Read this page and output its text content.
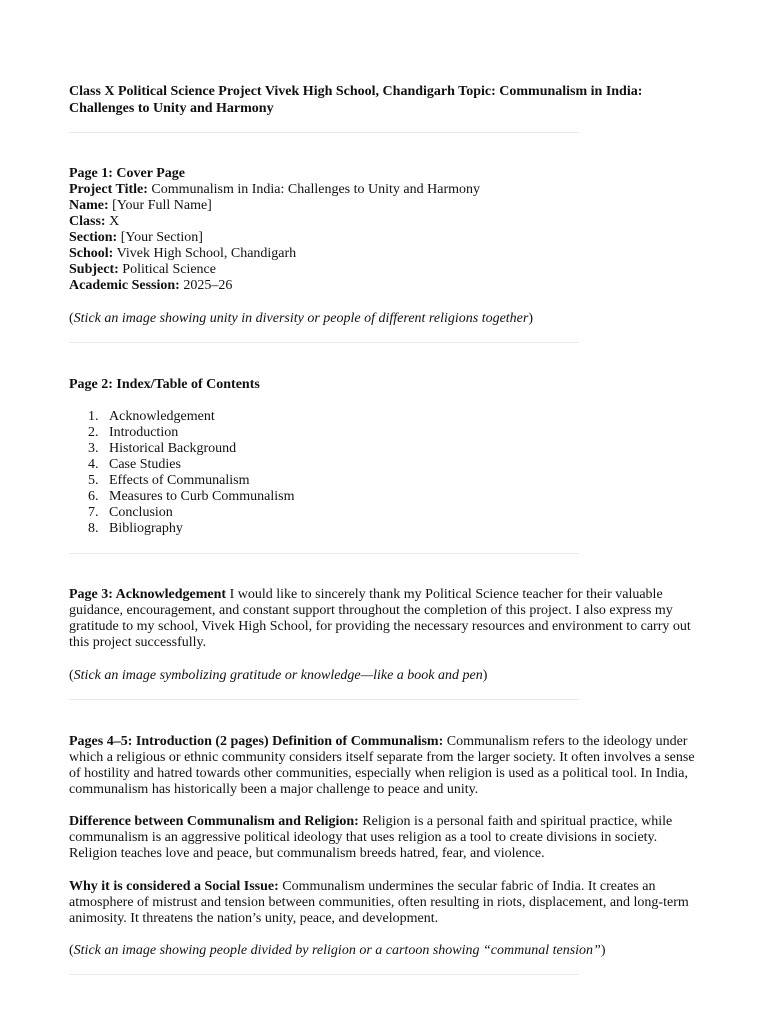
Class X Political Science Project Vivek High School, Chandigarh Topic: Communalism in India: Challenges to Unity and Harmony
Page 1: Cover Page
Project Title: Communalism in India: Challenges to Unity and Harmony
Name: [Your Full Name]
Class: X
Section: [Your Section]
School: Vivek High School, Chandigarh
Subject: Political Science
Academic Session: 2025–26
(Stick an image showing unity in diversity or people of different religions together)
Page 2: Index/Table of Contents
1. Acknowledgement
2. Introduction
3. Historical Background
4. Case Studies
5. Effects of Communalism
6. Measures to Curb Communalism
7. Conclusion
8. Bibliography

Page 3: Acknowledgement I would like to sincerely thank my Political Science teacher for their valuable guidance, encouragement, and constant support throughout the completion of this project. I also express my gratitude to my school, Vivek High School, for providing the necessary resources and environment to carry out this project successfully.

(Stick an image symbolizing gratitude or knowledge—like a book and pen)

Pages 4–5: Introduction (2 pages) Definition of Communalism: Communalism refers to the ideology under which a religious or ethnic community considers itself separate from the larger society. It often involves a sense of hostility and hatred towards other communities, especially when religion is used as a political tool. In India, communalism has historically been a major challenge to peace and unity.

Difference between Communalism and Religion: Religion is a personal faith and spiritual practice, while communalism is an aggressive political ideology that uses religion as a tool to create divisions in society. Religion teaches love and peace, but communalism breeds hatred, fear, and violence.

Why it is considered a Social Issue: Communalism undermines the secular fabric of India. It creates an atmosphere of mistrust and tension between communities, often resulting in riots, displacement, and long-term animosity. It threatens the nation’s unity, peace, and development.

(Stick an image showing people divided by religion or a cartoon showing “communal tension”)
